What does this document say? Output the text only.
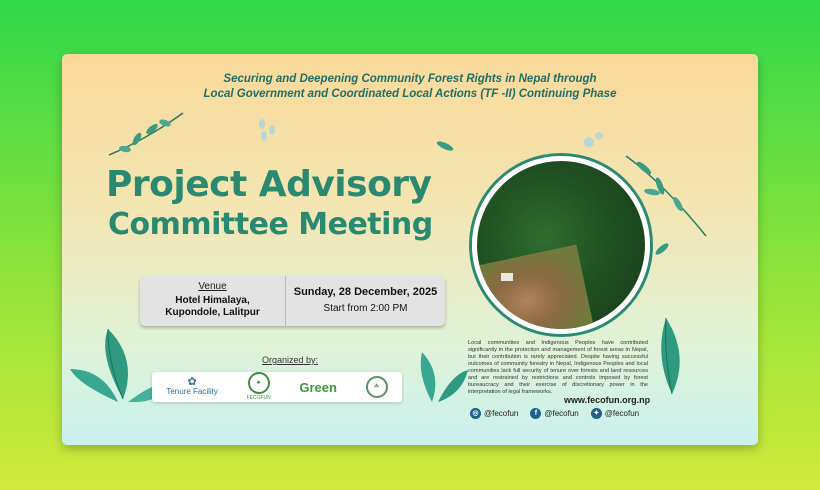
Securing and Deepening Community Forest Rights in Nepal through
Local Government and Coordinated Local Actions (TF -II) Continuing Phase
Project Advisory
Committee Meeting
Venue
Hotel Himalaya,
Kupondole, Lalitpur
Sunday, 28 December, 2025
Start from 2:00 PM
Organized by:
✿
Tenure Facility
♣
FECOFUN
Green	☘
Local communities and Indigenous Peoples have contributed significantly in the protection and management of forest areas in Nepal, but their contribution is rarely appreciated. Despite having successful outcomes of community forestry in Nepal, Indigenous Peoples and local communities lack full security of tenure over forests and land resources and are restrained by restrictions and controls imposed by forest bureaucracy and their exercise of discretionary power in the interpretation of legal frameworks.
www.fecofun.org.np
◎ @fecofun	f @fecofun	✦ @fecofun
